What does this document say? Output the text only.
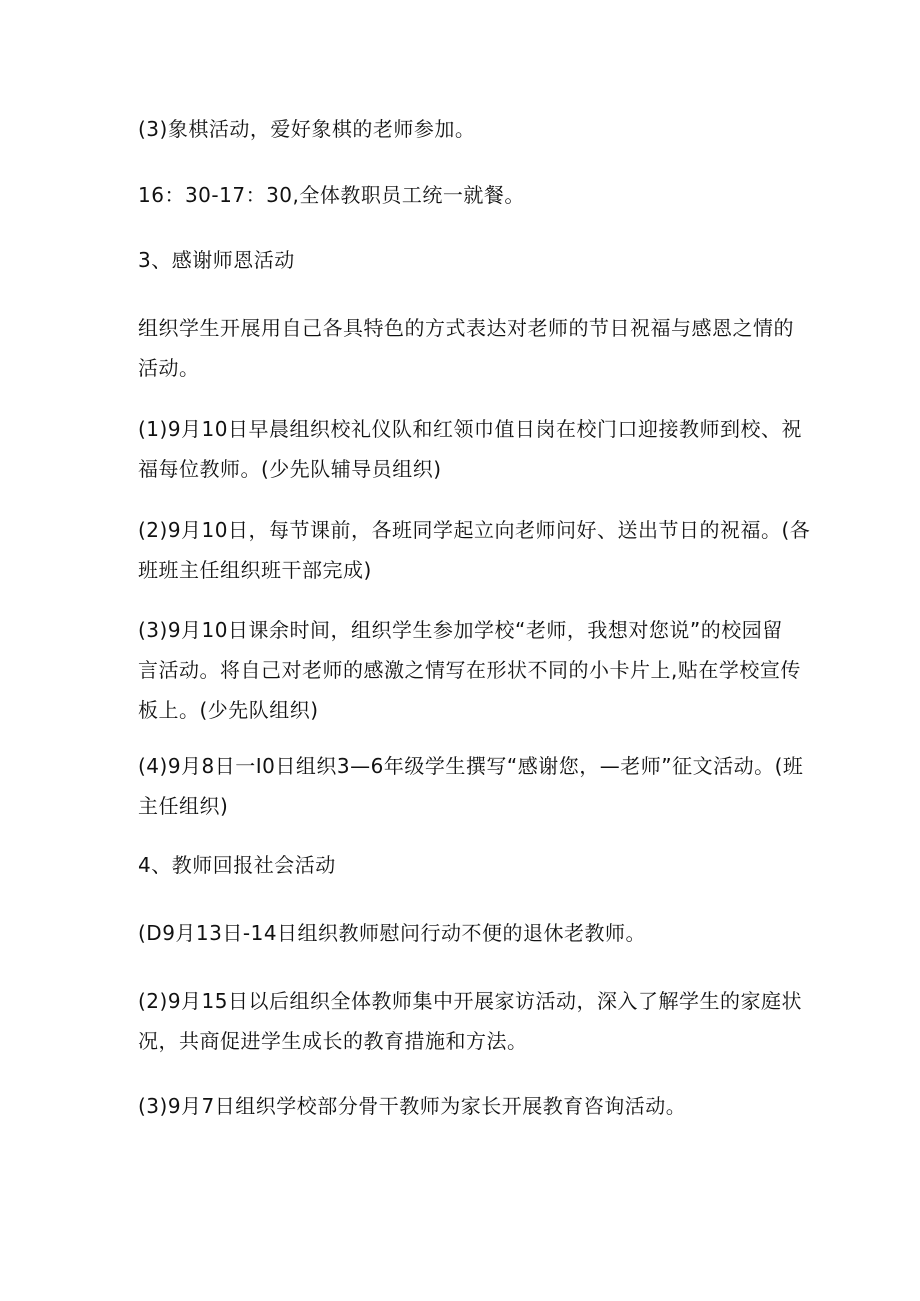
(3)象棋活动，爱好象棋的老师参加。

16：30-17：30,全体教职员工统一就餐。

3、感谢师恩活动

组织学生开展用自己各具特色的方式表达对老师的节日祝福与感恩之情的
活动。

(1)9月10日早晨组织校礼仪队和红领巾值日岗在校门口迎接教师到校、祝
福每位教师。(少先队辅导员组织)

(2)9月10日，每节课前，各班同学起立向老师问好、送出节日的祝福。(各
班班主任组织班干部完成)

(3)9月10日课余时间，组织学生参加学校“老师，我想对您说”的校园留
言活动。将自己对老师的感激之情写在形状不同的小卡片上,贴在学校宣传
板上。(少先队组织)

(4)9月8日一I0日组织3—6年级学生撰写“感谢您，—老师”征文活动。(班
主任组织)

4、教师回报社会活动

(D9月13日-14日组织教师慰问行动不便的退休老教师。

(2)9月15日以后组织全体教师集中开展家访活动，深入了解学生的家庭状
况，共商促进学生成长的教育措施和方法。

(3)9月7日组织学校部分骨干教师为家长开展教育咨询活动。
